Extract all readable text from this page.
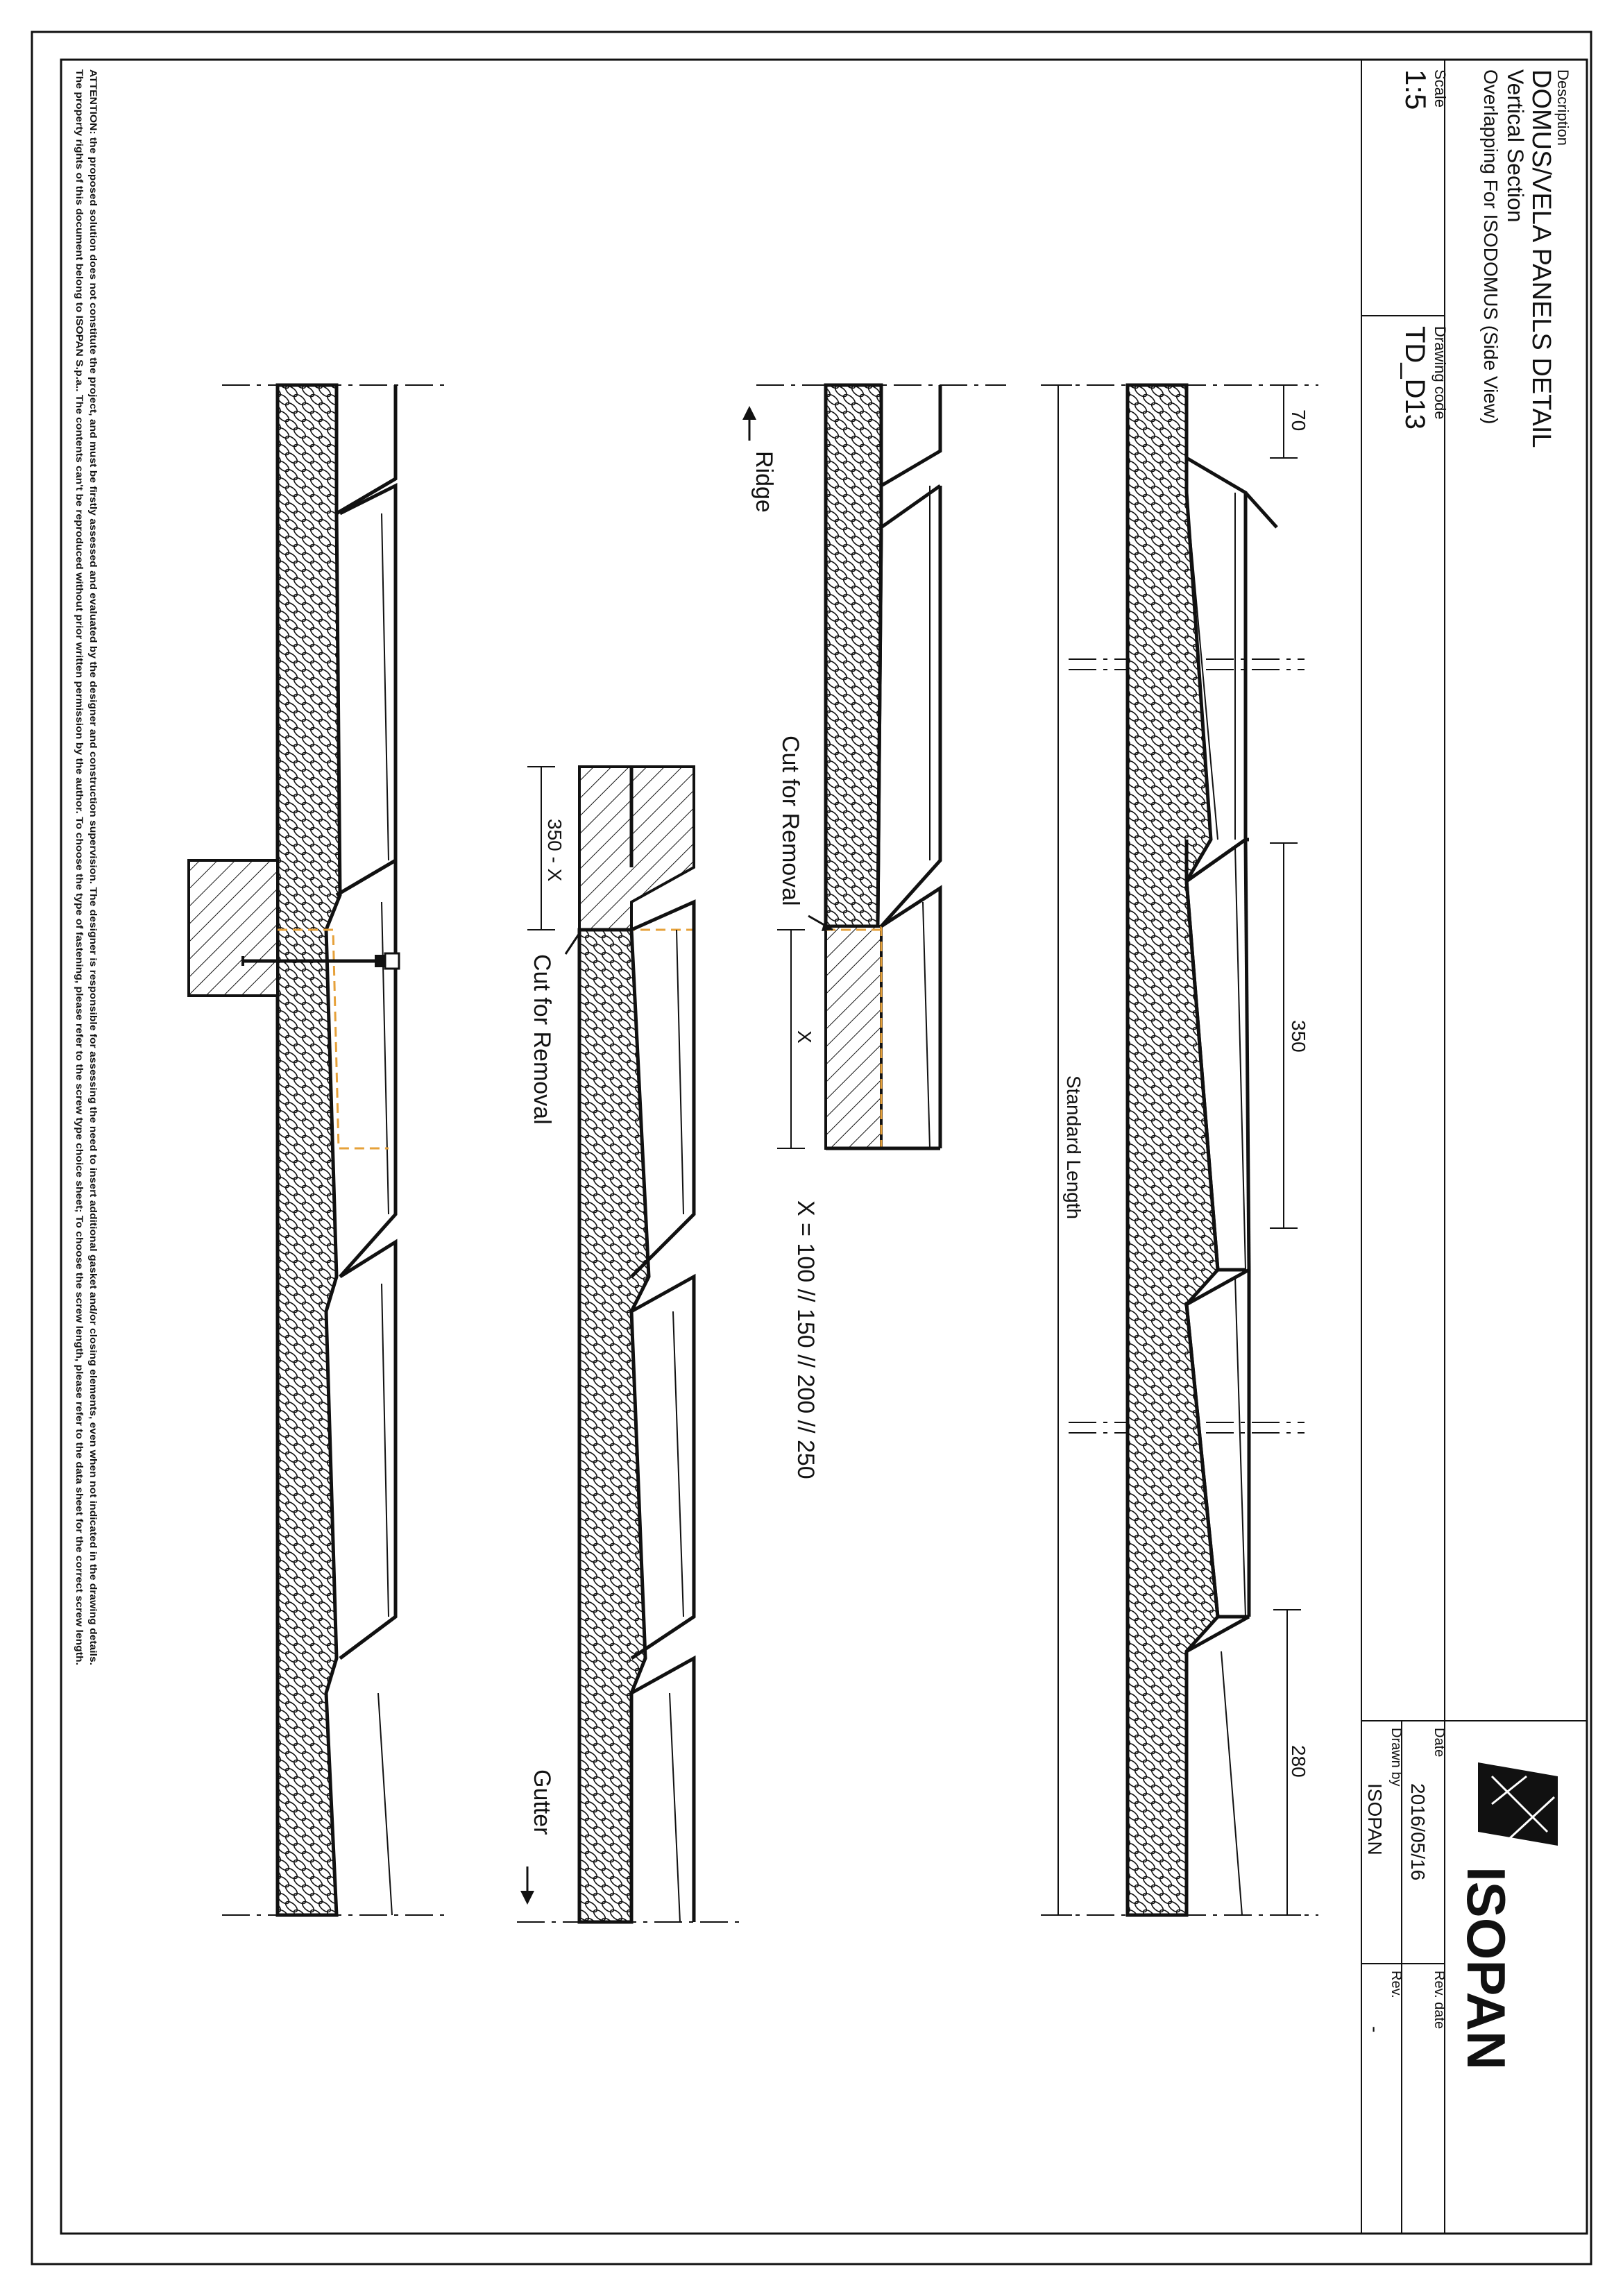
Description
DOMUS/VELA PANELS DETAIL
Vertical Section
Overlapping For ISODOMUS (Side View)
Scale
1:5
Drawing code
TD_D13
Date
2016/05/16
Rev. date
Drawn by
ISOPAN
Rev.
- ISOPAN
ATTENTION: the proposed solution does not constitute the project, and must be firstly assessed and evaluated by the designer and construction supervision. The designer is responsible for assessing the need to insert additional gasket and/or closing elements, even when not indicated in the drawing details.
The property rights of this document belong to ISOPAN S.p.a.. The contents can't be reproduced without prior written permission by the author. To choose the type of fastening, please refer to the screw type choice sheet; To choose the screw length, please refer to the data sheet for the correct screw length.	70
350
280
Standard Length
X
Cut for Removal
Ridge
X = 100 // 150 // 200 // 250
350 - X
Cut for Removal
Gutter
